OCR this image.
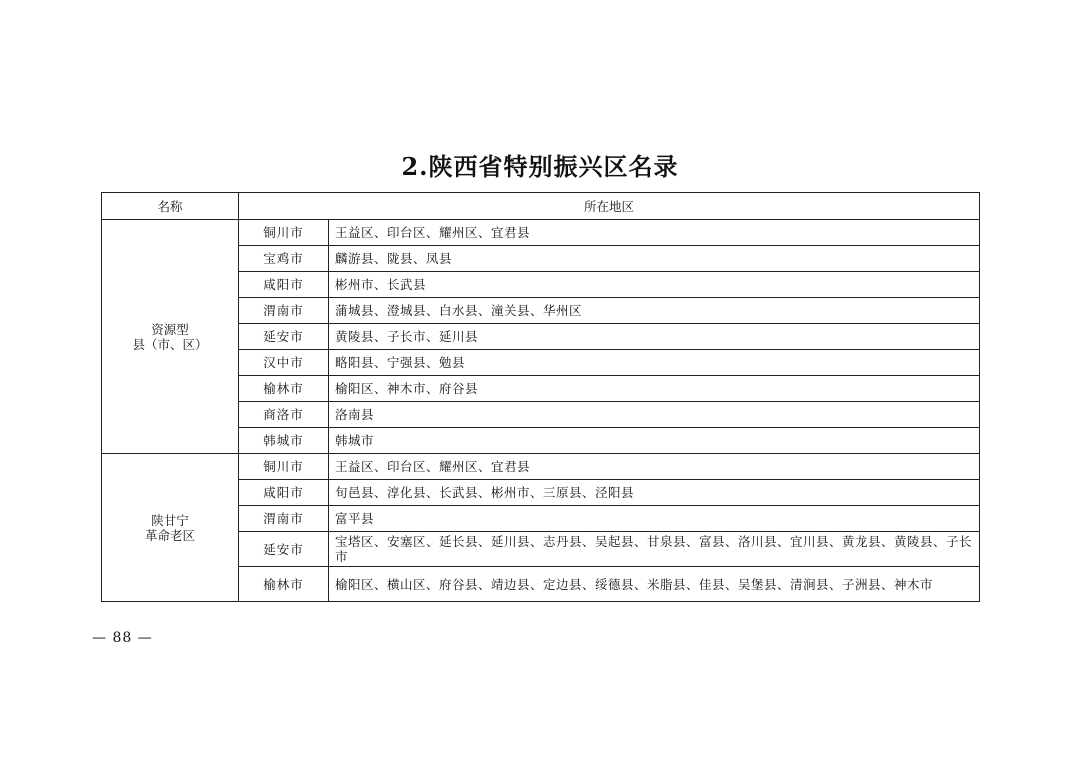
2.陕西省特别振兴区名录
名称	所在地区	
资源型
县（市、区）	铜川市	王益区、印台区、耀州区、宜君县
	宝鸡市	麟游县、陇县、凤县
	咸阳市	彬州市、长武县
	渭南市	蒲城县、澄城县、白水县、潼关县、华州区
	延安市	黄陵县、子长市、延川县
	汉中市	略阳县、宁强县、勉县
	榆林市	榆阳区、神木市、府谷县
	商洛市	洛南县
	韩城市	韩城市
陕甘宁
革命老区	铜川市	王益区、印台区、耀州区、宜君县
	咸阳市	旬邑县、淳化县、长武县、彬州市、三原县、泾阳县
	渭南市	富平县
	延安市	宝塔区、安塞区、延长县、延川县、志丹县、吴起县、甘泉县、富县、洛川县、宜川县、黄龙县、黄陵县、子长市
	榆林市	榆阳区、横山区、府谷县、靖边县、定边县、绥德县、米脂县、佳县、吴堡县、清涧县、子洲县、神木市
— 88 —
